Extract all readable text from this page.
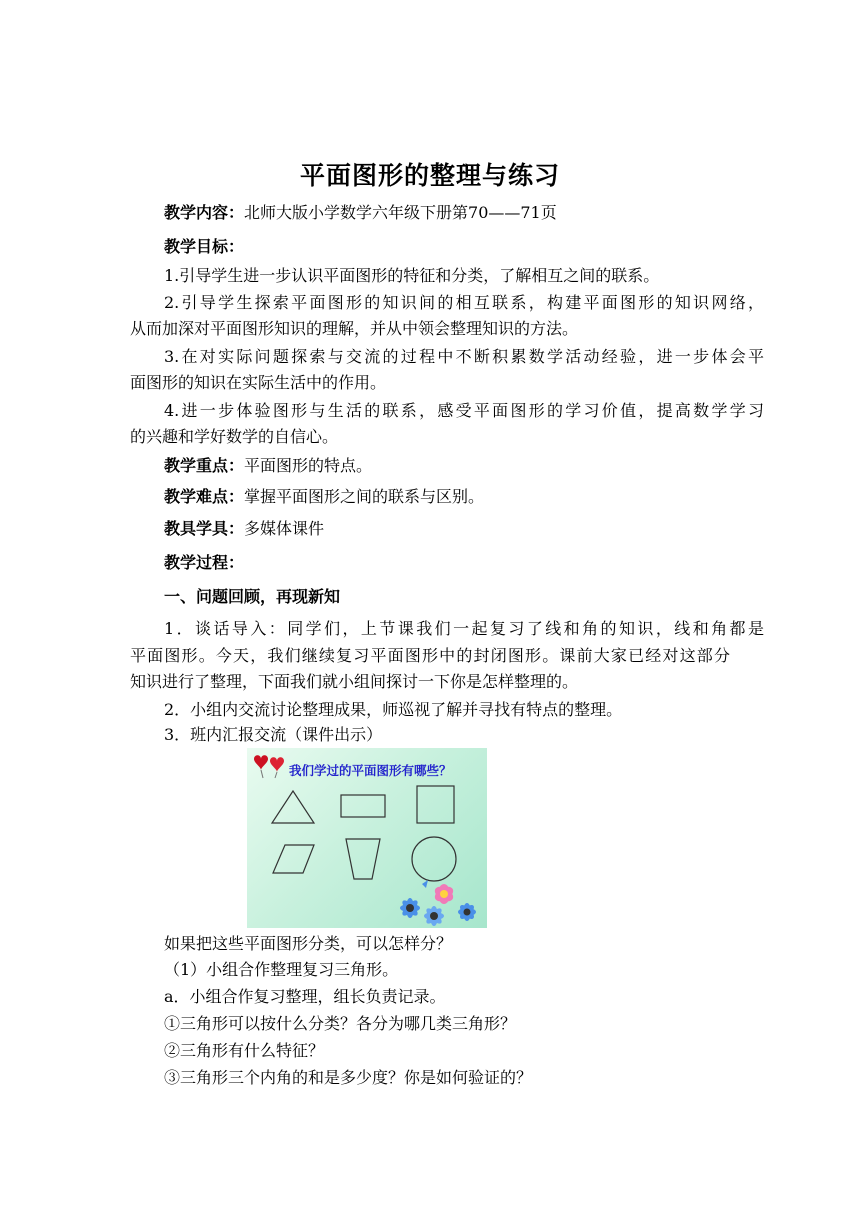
平面图形的整理与练习
教学内容：北师大版小学数学六年级下册第70——71页
教学目标：
1.引导学生进一步认识平面图形的特征和分类，了解相互之间的联系。
2.引导学生探索平面图形的知识间的相互联系，构建平面图形的知识网络，
从而加深对平面图形知识的理解，并从中领会整理知识的方法。
3.在对实际问题探索与交流的过程中不断积累数学活动经验，进一步体会平
面图形的知识在实际生活中的作用。
4.进一步体验图形与生活的联系，感受平面图形的学习价值，提高数学学习
的兴趣和学好数学的自信心。
教学重点：平面图形的特点。
教学难点：掌握平面图形之间的联系与区别。
教具学具：多媒体课件
教学过程：
一、问题回顾，再现新知
1．谈话导入：同学们，上节课我们一起复习了线和角的知识，线和角都是
平面图形。今天，我们继续复习平面图形中的封闭图形。课前大家已经对这部分
知识进行了整理，下面我们就小组间探讨一下你是怎样整理的。
2．小组内交流讨论整理成果，师巡视了解并寻找有特点的整理。
3．班内汇报交流（课件出示）
我们学过的平面图形有哪些？
如果把这些平面图形分类，可以怎样分？
（1）小组合作整理复习三角形。
a．小组合作复习整理，组长负责记录。
①三角形可以按什么分类？各分为哪几类三角形？
②三角形有什么特征？
③三角形三个内角的和是多少度？你是如何验证的？
